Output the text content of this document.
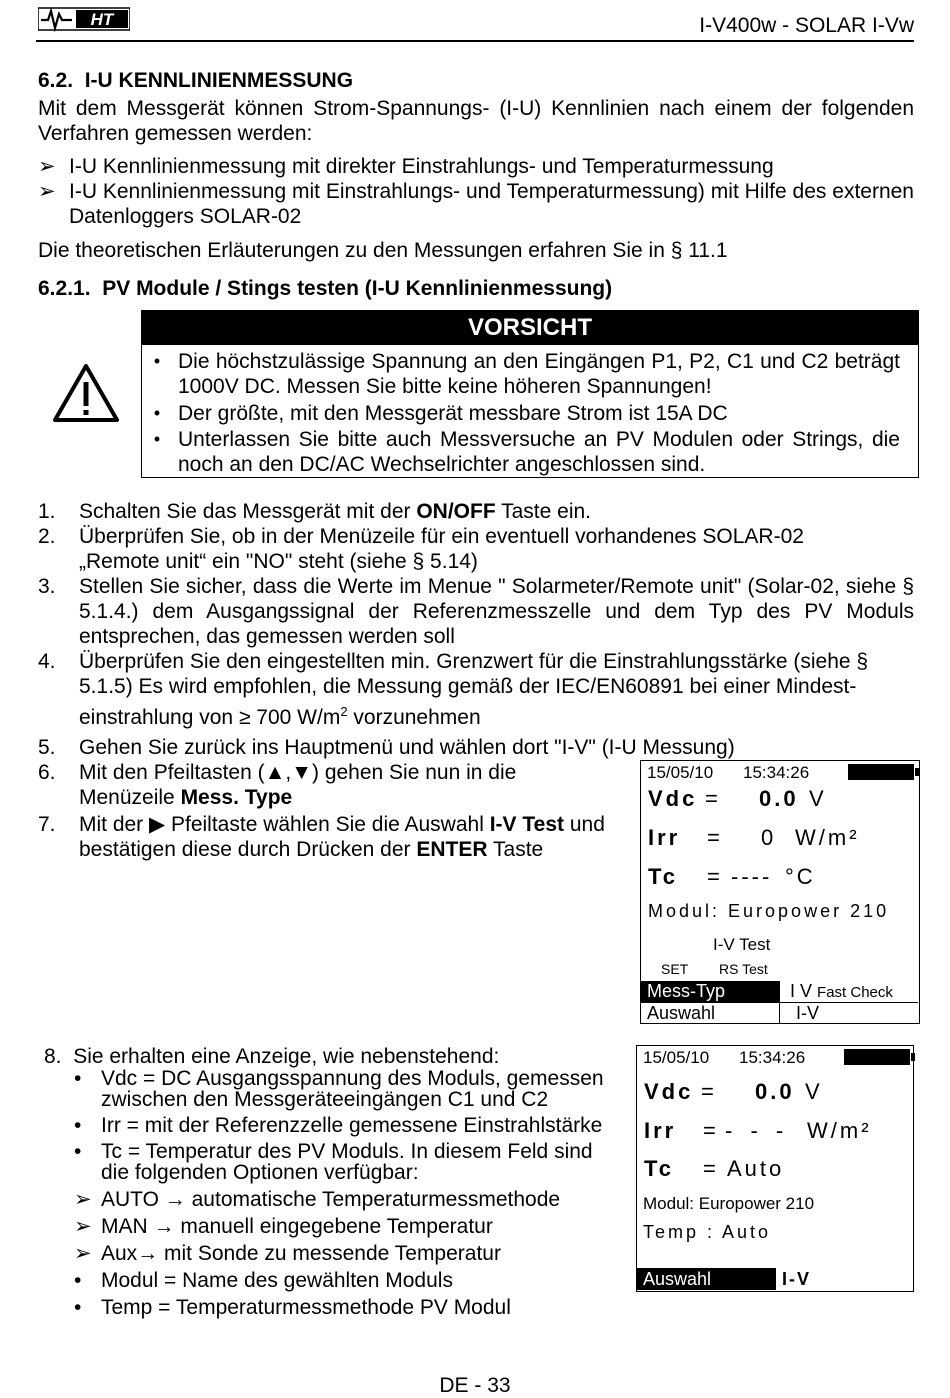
HT	I-V400w - SOLAR I-Vw
6.2. I-U KENNLINIENMESSUNG
Mit dem Messgerät können Strom-Spannungs- (I-U) Kennlinien nach einem der folgenden Verfahren gemessen werden:
➢ I-U Kennlinienmessung mit direkter Einstrahlungs- und Temperaturmessung
➢ I-U Kennlinienmessung mit Einstrahlungs- und Temperaturmessung) mit Hilfe des externen Datenloggers SOLAR-02
Die theoretischen Erläuterungen zu den Messungen erfahren Sie in § 11.1
6.2.1. PV Module / Stings testen (I-U Kennlinienmessung)
VORSICHT
• Die höchstzulässige Spannung an den Eingängen P1, P2, C1 und C2 beträgt 1000V DC. Messen Sie bitte keine höheren Spannungen!
• Der größte, mit den Messgerät messbare Strom ist 15A DC
• Unterlassen Sie bitte auch Messversuche an PV Modulen oder Strings, die noch an den DC/AC Wechselrichter angeschlossen sind.
1.	Schalten Sie das Messgerät mit der ON/OFF Taste ein.
2.	Überprüfen Sie, ob in der Menüzeile für ein eventuell vorhandenes SOLAR-02
„Remote unit“ ein "NO" steht (siehe § 5.14)
3.	Stellen Sie sicher, dass die Werte im Menue " Solarmeter/Remote unit" (Solar-02, siehe § 5.1.4.) dem Ausgangssignal der Referenzmesszelle und dem Typ des PV Moduls entsprechen, das gemessen werden soll
4.	Überprüfen Sie den eingestellten min. Grenzwert für die Einstrahlungsstärke (siehe §
5.1.5) Es wird empfohlen, die Messung gemäß der IEC/EN60891 bei einer Mindest-
einstrahlung von ≥ 700 $W/m^2$ vorzunehmen
5.	Gehen Sie zurück ins Hauptmenü und wählen dort "I-V" (I-U Messung)
6.	Mit den Pfeiltasten (▲,▼) gehen Sie nun in die
Menüzeile Mess. Type
7.	Mit der ▶ Pfeiltaste wählen Sie die Auswahl I-V Test und
bestätigen diese durch Drücken der ENTER Taste
15/05/10 15:34:26
Vdc = 0.0 V
Irr = 0 W/m²
Tc = ---- °C
Modul: Europower 210
I-V Test
SET RS Test
Mess-Typ	I V Fast Check
Auswahl	I-V
8. Sie erhalten eine Anzeige, wie nebenstehend:
• Vdc = DC Ausgangsspannung des Moduls, gemessen
zwischen den Messgeräteeingängen C1 und C2
• Irr = mit der Referenzzelle gemessene Einstrahlstärke
• Tc = Temperatur des PV Moduls. In diesem Feld sind
die folgenden Optionen verfügbar:
➢ AUTO → automatische Temperaturmessmethode
➢ MAN → manuell eingegebene Temperatur
➢ Aux→ mit Sonde zu messende Temperatur
• Modul = Name des gewählten Moduls
• Temp = Temperaturmessmethode PV Modul
15/05/10 15:34:26
Vdc = 0.0 V
Irr = - - - W/m²
Tc = Auto
Modul: Europower 210
Temp : Auto
Auswahl	I-V
DE - 33
